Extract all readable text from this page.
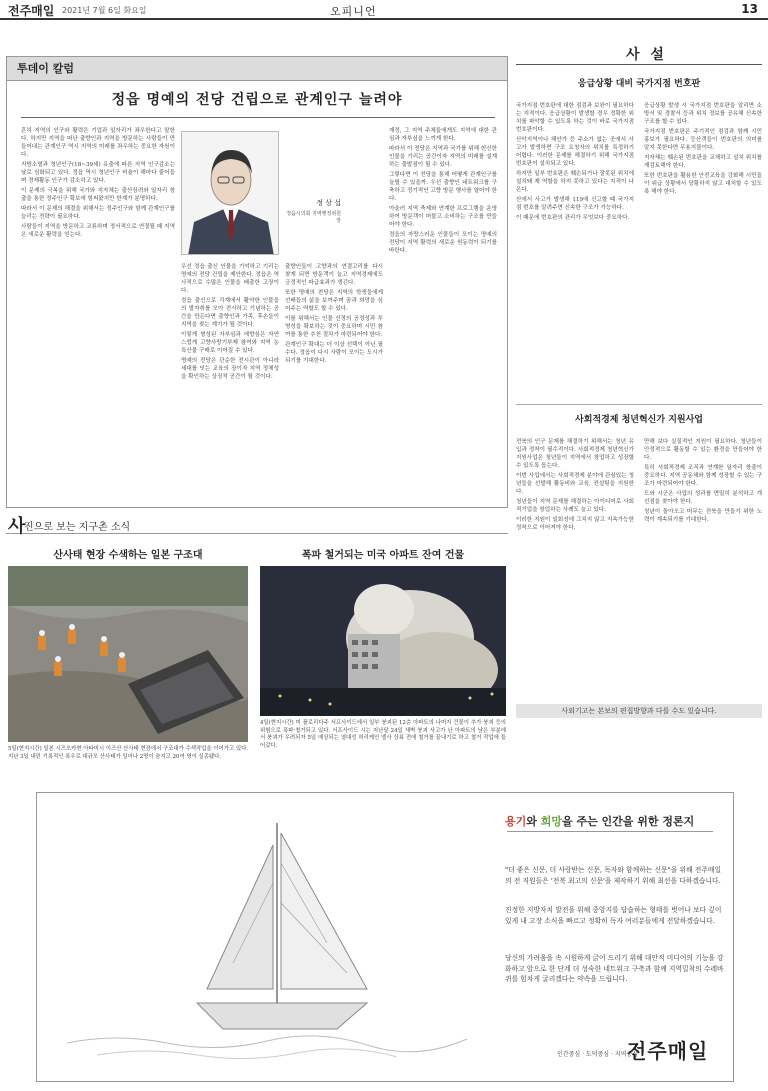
전주매일 2021년 7월 6일 화요일	오피니언	13
투데이 칼럼
정읍 명예의 전당 건립으로 관계인구 늘려야

흔히 지역의 인구와 활력은 기업과 일자리가 좌우한다고 말한다. 하지만 지역을 떠난 출향인과 지역을 방문하는 사람들이 만들어내는 관계인구 역시 지역의 미래를 좌우하는 중요한 자원이다.

지방소멸과 청년인구(18~39세) 유출에 따른 지역 인구감소는 날로 심화되고 있다. 정읍 역시 청년인구 비율이 해마다 줄어들며 경제활동 인구가 감소하고 있다.

이 문제의 극복을 위해 국가와 지자체는 출산장려와 일자리 창출을 통한 정주인구 확보에 힘써왔지만 한계가 분명하다.

따라서 이 문제의 해결을 위해서는 정주인구와 함께 관계인구를 늘리는 전략이 필요하다.

사람들이 지역을 방문하고 교류하며 정서적으로 연결될 때 지역은 새로운 활력을 얻는다.

정 상 섭
정읍시의회 지역행정위원장

우선 정읍 출신 인물을 기억하고 기리는 명예의 전당 건립을 제안한다. 정읍은 역사적으로 수많은 인물을 배출한 고장이다.

정읍 출신으로 각계에서 활약한 인물들의 발자취를 모아 전시하고 기념하는 공간을 만든다면 출향인과 가족, 후손들이 지역을 찾는 계기가 될 것이다.

이렇게 형성된 자부심과 애향심은 자연스럽게 고향사랑기부제 참여와 지역 농특산물 구매로 이어질 수 있다.

명예의 전당은 단순한 전시관이 아니라 세대를 잇는 교육의 장이자 지역 정체성을 확인하는 상징적 공간이 될 것이다.

출향인들이 고향과의 연결고리를 다시 찾게 되면 방문객이 늘고 지역경제에도 긍정적인 파급효과가 생긴다.

또한 명예의 전당은 지역의 학생들에게 선배들의 삶을 보여주며 꿈과 희망을 심어주는 역할도 할 수 있다.

이를 위해서는 인물 선정의 공정성과 투명성을 확보하는 것이 중요하며 시민 참여를 통한 추천 절차가 마련되어야 한다.

관계인구 확대는 더 이상 선택이 아닌 필수다. 정읍이 다시 사람이 모이는 도시가 되기를 기대한다.

재정, 그 지역 주체들에게도 지역에 대한 관심과 자부심을 느끼게 한다.

따라서 이 전당은 지역과 국가를 위해 헌신한 인물을 기리는 공간이자 지역의 미래를 설계하는 출발점이 될 수 있다.

그렇다면 이 전당을 통해 어떻게 관계인구를 늘릴 수 있을까. 우선 출향인 네트워크를 구축하고 정기적인 고향 방문 행사를 열어야 한다.

아울러 지역 축제와 연계한 프로그램을 운영하여 방문객이 머물고 소비하는 구조를 만들어야 한다.

정읍의 자랑스러운 인물들이 모이는 명예의 전당이 지역 활력의 새로운 원동력이 되기를 바란다.

사
진으로 보는 지구촌 소식
산사태 현장 수색하는 일본 구조대
5일(현지시간) 일본 시즈오카현 아타미시 이즈산 산사태 현장에서 구조대가 수색작업을 이어가고 있다. 지난 3일 내린 기록적인 폭우로 대규모 산사태가 일어나 2명이 숨지고 20여 명이 실종됐다.
폭파 철거되는 미국 아파트 잔여 건물
4일(현지시간) 미 플로리다주 서프사이드에서 일부 붕괴된 12층 아파트의 나머지 건물이 추가 붕괴 등의 위험으로 폭파·철거되고 있다. 서프사이드 시는 지난달 24일 새벽 붕괴 사고가 난 아파트의 남은 부분에서 붕괴가 우려되자 5일 예상되는 열대성 허리케인 엘사 상륙 전에 철거를 끝내기로 하고 철거 작업에 들어갔다.
사 설
응급상황 대비 국가지점 번호판

국가지점 번호판에 대한 점검과 보완이 필요하다는 지적이다. 응급상황이 발생할 경우 정확한 위치를 파악할 수 있도록 하는 것이 바로 국가지점 번호판이다.

산악지역이나 해안가 등 주소가 없는 곳에서 사고가 발생하면 구조 요청자의 위치를 특정하기 어렵다. 이러한 문제를 해결하기 위해 국가지점 번호판이 설치되고 있다.

하지만 일부 번호판은 훼손되거나 잘못된 위치에 설치돼 제 역할을 하지 못하고 있다는 지적이 나온다.

산에서 사고가 발생해 119에 신고할 때 국가지점 번호를 알려주면 신속한 구조가 가능하다.

이 때문에 번호판의 관리가 무엇보다 중요하다.

응급상황 발생 시 국가지점 번호판을 알리면 소방서 및 경찰서 등과 위치 정보를 공유해 신속한 구조를 할 수 있다.

국가지점 번호판은 주기적인 점검과 함께 시민 홍보가 필요하다. 등산객들이 번호판의 의미를 알지 못한다면 무용지물이다.

지자체는 훼손된 번호판을 교체하고 설치 위치를 재검토해야 한다.

또한 번호판을 활용한 안전교육을 강화해 시민들이 위급 상황에서 당황하지 않고 대처할 수 있도록 해야 한다.

사회적경제 청년혁신가 지원사업

전북의 인구 문제를 해결하기 위해서는 청년 유입과 정착이 필수적이다. 사회적경제 청년혁신가 지원사업은 청년들이 지역에서 창업하고 성장할 수 있도록 돕는다.

이번 사업에서는 사회적경제 분야에 관심있는 청년들을 선발해 활동비와 교육, 컨설팅을 지원한다.

청년들이 지역 문제를 해결하는 아이디어로 사회적기업을 창업하는 사례도 늘고 있다.

이러한 지원이 일회성에 그치지 않고 지속가능한 정착으로 이어져야 한다.

만해 보다 실질적인 지원이 필요하다. 청년들이 안정적으로 활동할 수 있는 환경을 만들어야 한다.

특히 사회적경제 조직과 연계한 일자리 창출이 중요하다. 지역 공동체와 함께 성장할 수 있는 구조가 마련되어야 한다.

도와 시군은 사업의 성과를 면밀히 분석하고 개선점을 찾아야 한다.

청년이 돌아오고 머무는 전북을 만들기 위한 노력이 계속되기를 기대한다.

사외기고는 본보의 편집방향과 다를 수도 있습니다.
용기와 희망을 주는 인간을 위한 정론지

"더 좋은 신문, 더 사랑받는 신문, 독자와 함께하는 신문"을 위해 전주매일의 전 직원들은 '전북 최고의 신문'을 제작하기 위해 최선을 다하겠습니다.

진정한 지방자치 발전을 위해 중앙지를 답습하는 형태를 벗어나 보다 깊이 있게 내 고장 소식을 빠르고 정확히 독자 여러분들에게 전달하겠습니다.

당신의 가려움을 속 시원하게 긁어 드리기 위해 대안적 미디어의 기능을 강화하고 앞으로 한 단계 더 성숙한 네트워크 구축과 함께 지역밀착의 수레바퀴를 힘차게 굴리겠다는 약속을 드립니다.

인간중심 · 도덕중심 · 지역중심
전주매일
